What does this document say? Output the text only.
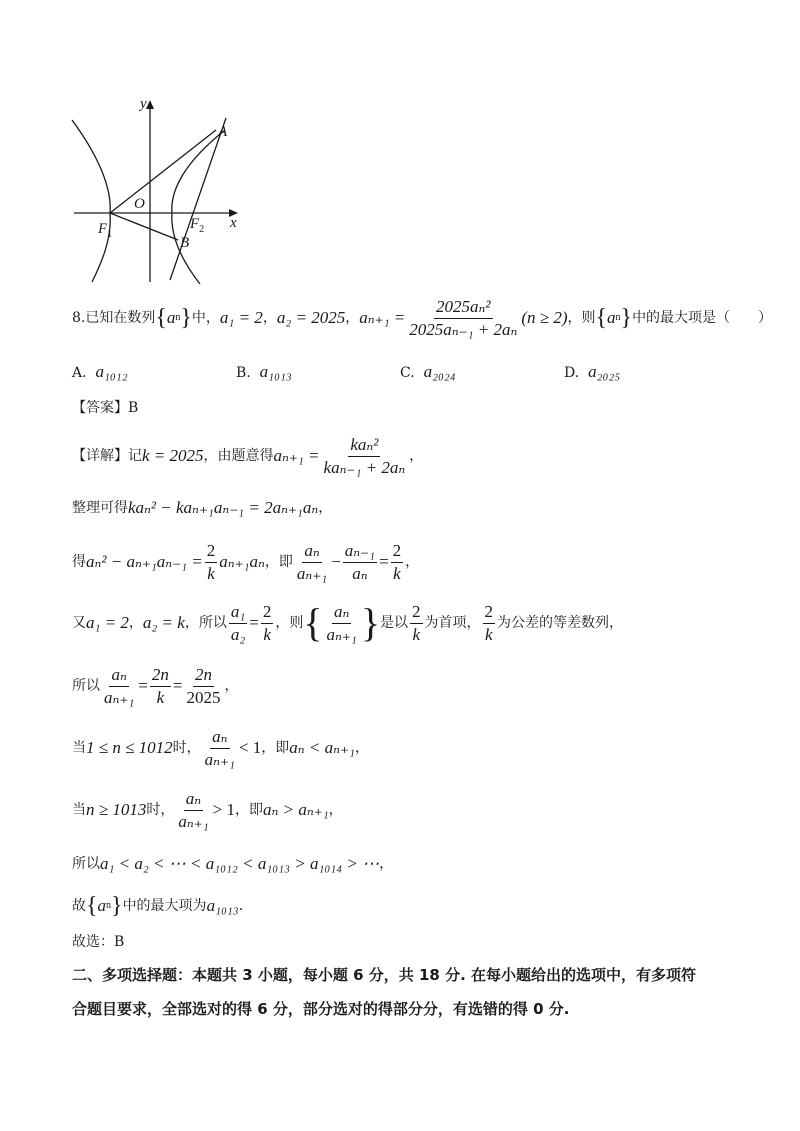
y
x
O
A
B
$F_1$
$F_2$
8. 已知在数列 { a n } 中， a₁ = 2 ， a₂ = 2025 ， $a_{n+1} = \frac{\text{2025aₙ²}}{\text{2025aₙ₋₁ + 2aₙ}} (n \ge 2)$ ，则 { a n } 中的最大项是（　　）
A. a₁₀₁₂	B. a₁₀₁₃	C. a₂₀₂₄	D. a₂₀₂₅
【答案】B
【详解】记 k = 2025 ，由题意得 $a_{n+1} = \frac{\text{kaₙ²}}{\text{kaₙ₋₁ + 2aₙ}}$ ，
整理可得 kaₙ² − kaₙ₊₁aₙ₋₁ = 2aₙ₊₁aₙ ，
得 $a_n^2 - a_{n+1}a_{n-1} = \frac{2}{k} a_{n+1}a_n$ ，即 $\frac{\text{aₙ}}{\text{aₙ₊₁}} - \frac{\text{aₙ₋₁}}{\text{aₙ}} = \frac{2}{k}$ ，
又 a₁ = 2 ， a₂ = k ，所以 $\frac{\text{a₁}}{\text{a₂}} = \frac{2}{k}$ ，则 { $\frac{\text{aₙ}}{\text{aₙ₊₁}}$ } 是以 $\frac{2}{k}$ 为首项， $\frac{2}{k}$ 为公差的等差数列，
所以 $\frac{\text{aₙ}}{\text{aₙ₊₁}} = \frac{2n}{k} = \frac{2n}{2025}$ ，
当 1 ≤ n ≤ 1012 时， $\frac{\text{aₙ}}{\text{aₙ₊₁}} < 1$ ，即 aₙ < aₙ₊₁ ，
当 n ≥ 1013 时， $\frac{\text{aₙ}}{\text{aₙ₊₁}} > 1$ ，即 aₙ > aₙ₊₁ ，
所以 a₁ < a₂ < ⋯ < a₁₀₁₂ < a₁₀₁₃ > a₁₀₁₄ > ⋯ ，
故 { a n } 中的最大项为 a₁₀₁₃ .
故选：B
二、多项选择题：本题共 3 小题，每小题 6 分，共 18 分. 在每小题给出的选项中，有多项符
合题目要求，全部选对的得 6 分，部分选对的得部分分，有选错的得 0 分.
